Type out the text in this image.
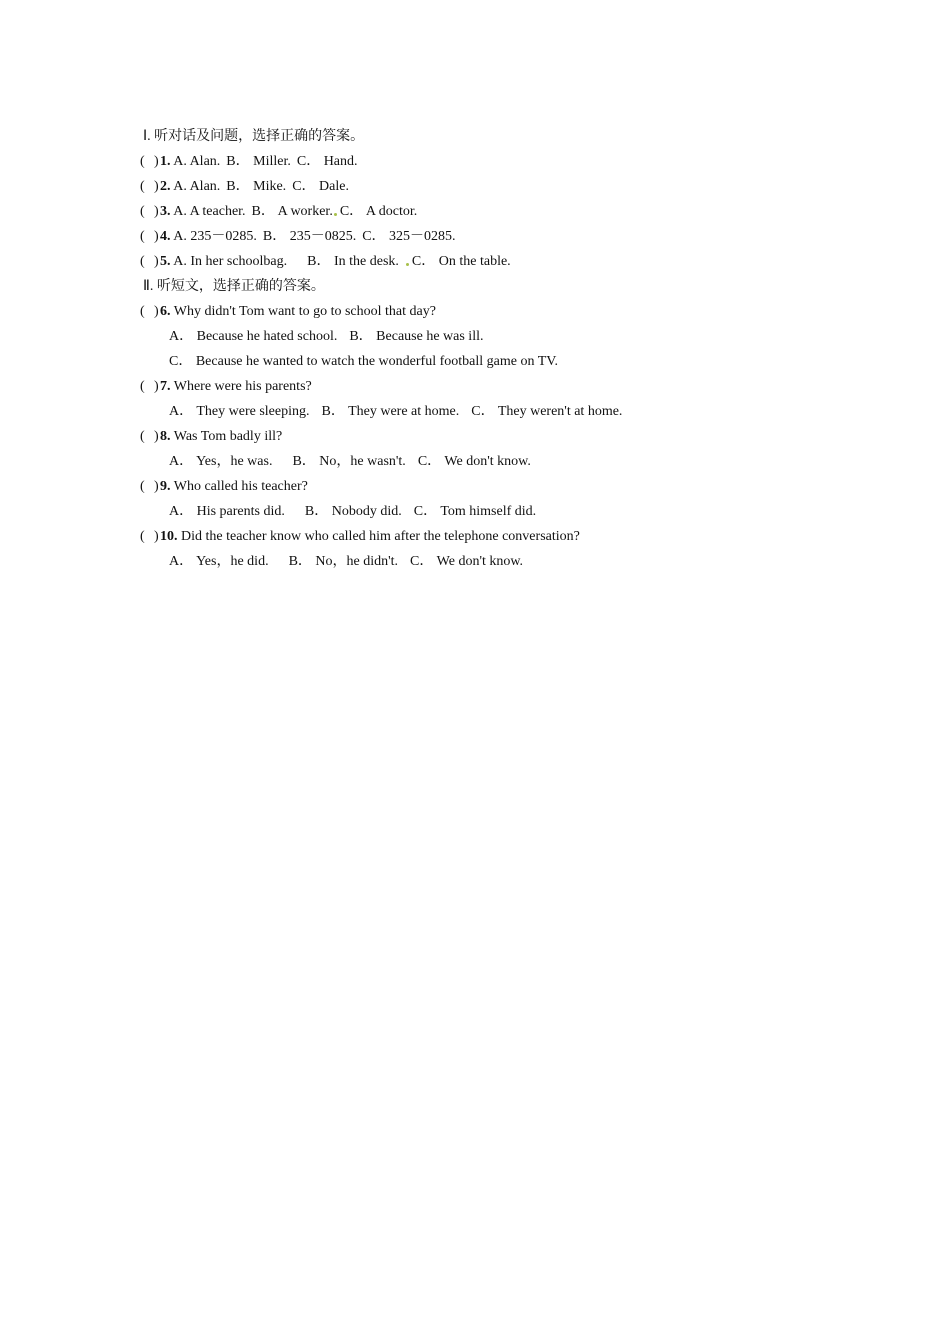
Ⅰ. 听对话及问题，选择正确的答案。
( )1. A. Alan. B． Miller. C． Hand.
( )2. A. Alan. B． Mike. C． Dale.
( )3. A. A teacher. B． A worker. C． A doctor.
( )4. A. 235－0285. B． 235－0825. C． 325－0285.
( )5. A. In her schoolbag. B． In the desk. C． On the table.
Ⅱ. 听短文，选择正确的答案。
( )6. Why didn't Tom want to go to school that day?
A． Because he hated school. B． Because he was ill.
C． Because he wanted to watch the wonderful football game on TV.
( )7. Where were his parents?
A． They were sleeping. B． They were at home. C． They weren't at home.
( )8. Was Tom badly ill?
A． Yes，he was. B． No，he wasn't. C． We don't know.
( )9. Who called his teacher?
A． His parents did. B． Nobody did. C． Tom himself did.
( )10. Did the teacher know who called him after the telephone conversation?
A． Yes，he did. B． No，he didn't. C． We don't know.
